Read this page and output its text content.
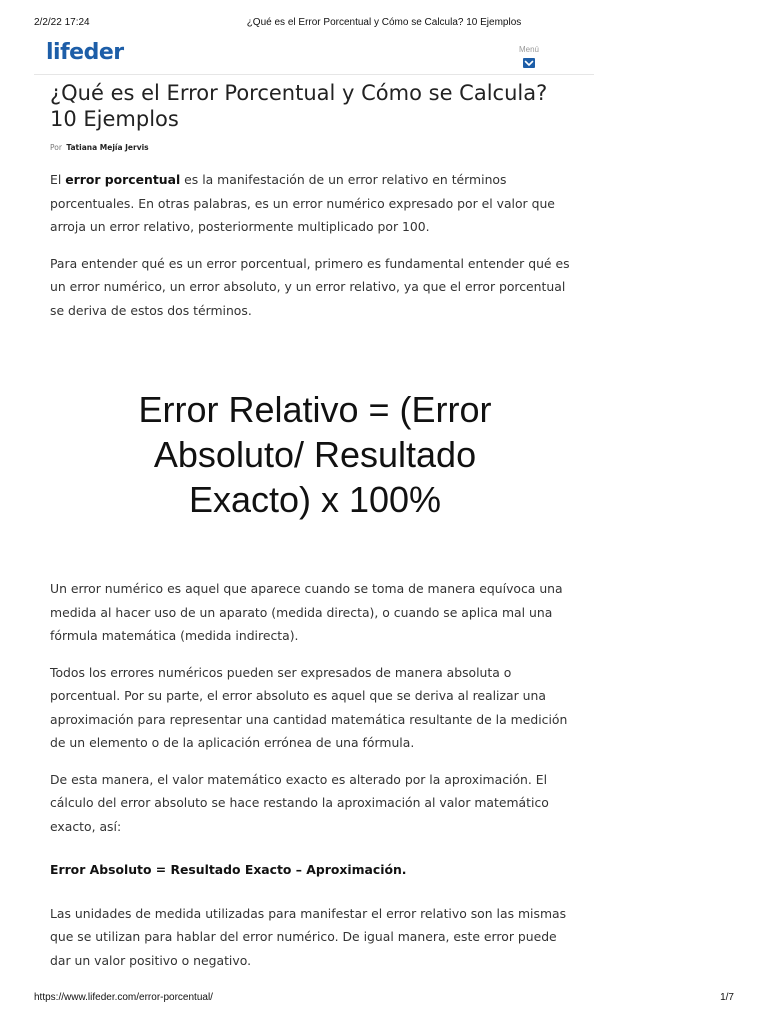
2/2/22 17:24	¿Qué es el Error Porcentual y Cómo se Calcula? 10 Ejemplos
lifeder	Menú
¿Qué es el Error Porcentual y Cómo se Calcula? 10 Ejemplos
Por Tatiana Mejía Jervis

El error porcentual es la manifestación de un error relativo en términos porcentuales. En otras palabras, es un error numérico expresado por el valor que arroja un error relativo, posteriormente multiplicado por 100.

Para entender qué es un error porcentual, primero es fundamental entender qué es un error numérico, un error absoluto, y un error relativo, ya que el error porcentual se deriva de estos dos términos.

Error Relativo = (Error
Absoluto/ Resultado
Exacto) x 100%

Un error numérico es aquel que aparece cuando se toma de manera equívoca una medida al hacer uso de un aparato (medida directa), o cuando se aplica mal una fórmula matemática (medida indirecta).

Todos los errores numéricos pueden ser expresados de manera absoluta o porcentual. Por su parte, el error absoluto es aquel que se deriva al realizar una aproximación para representar una cantidad matemática resultante de la medición de un elemento o de la aplicación errónea de una fórmula.

De esta manera, el valor matemático exacto es alterado por la aproximación. El cálculo del error absoluto se hace restando la aproximación al valor matemático exacto, así:

Error Absoluto = Resultado Exacto – Aproximación.

Las unidades de medida utilizadas para manifestar el error relativo son las mismas que se utilizan para hablar del error numérico. De igual manera, este error puede dar un valor positivo o negativo.

https://www.lifeder.com/error-porcentual/	1/7
